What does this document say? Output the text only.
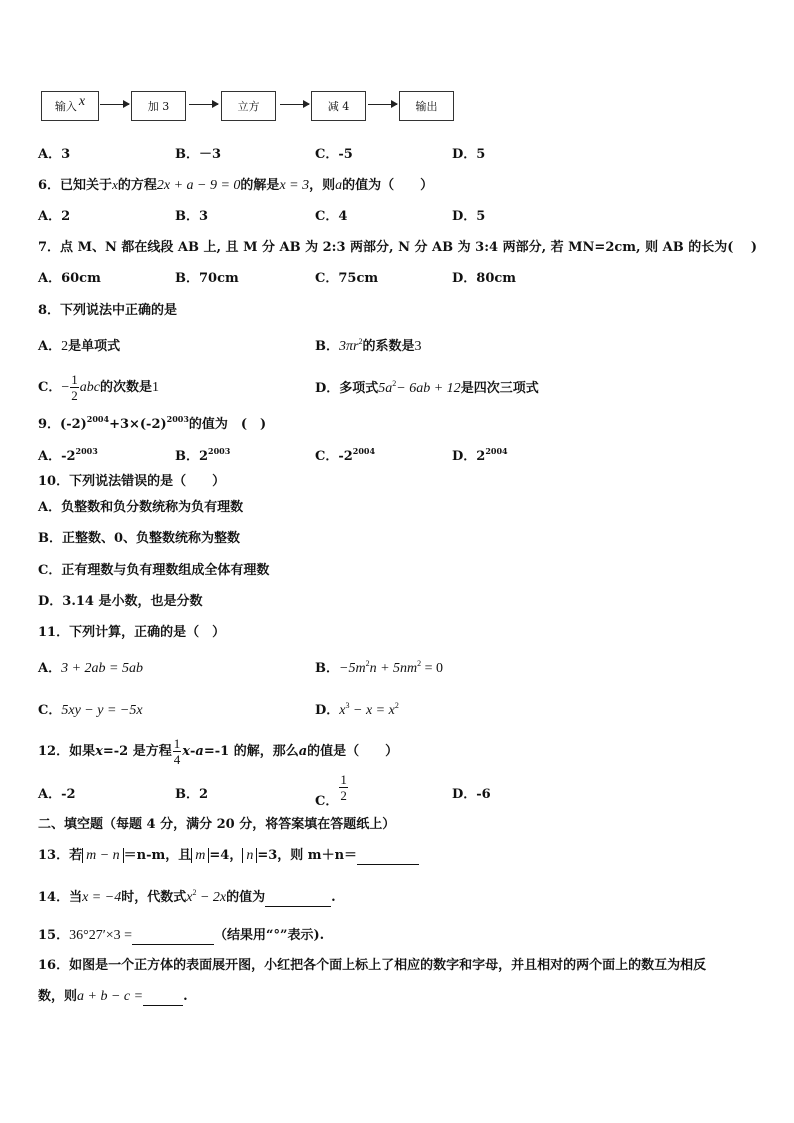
输入 x	加 3	立方	减 4	输出
A．3	B．－3	C．-5	D．5
6．已知关于x的方程2x + a − 9 = 0的解是x = 3，则a的值为（　　）
A．2	B．3	C．4	D．5
7．点 M、N 都在线段 AB 上, 且 M 分 AB 为 2:3 两部分, N 分 AB 为 3:4 两部分, 若 MN=2cm, 则 AB 的长为(　 )
A．60cm	B．70cm	C．75cm	D．80cm
8．下列说法中正确的是
A．2是单项式	B．$3\pi r^2$的系数是3
C．− $\frac{1}{2}$ abc的次数是1	D．多项式$5a^2- 6ab + 12$是四次三项式
9．$(-2)^{2004}+3\times(-2)^{2003}$的值为　(　)
A．$-2^{2003}$	B．$2^{2003}$	C．$-2^{2004}$	D．$2^{2004}$
10．下列说法错误的是（　　）
A．负整数和负分数统称为负有理数
B．正整数、0、负整数统称为整数
C．正有理数与负有理数组成全体有理数
D．3.14 是小数，也是分数
11．下列计算，正确的是（　）
A．3 + 2ab = 5ab	B．$-5m^2n + 5nm^2 = 0$
C．5xy − y = −5x	D．$x^3 - x = x^2$
12．如果x=-2 是方程 $\frac{1}{4} x-a=-1$ 的解，那么a的值是（　　）
A．-2	B．2	C． $\frac{1}{2}$	D．-6
二、填空题（每题 4 分，满分 20 分，将答案填在答题纸上）
13．若 m − n ＝n-m，且 m =4， n =3，则 m＋n＝
14．当x = −4时，代数式$x^2 - 2x$的值为	.
15．36°27′×3 =	（结果用“°”表示).
16．如图是一个正方体的表面展开图，小红把各个面上标上了相应的数字和字母，并且相对的两个面上的数互为相反
数，则a + b − c =	.
